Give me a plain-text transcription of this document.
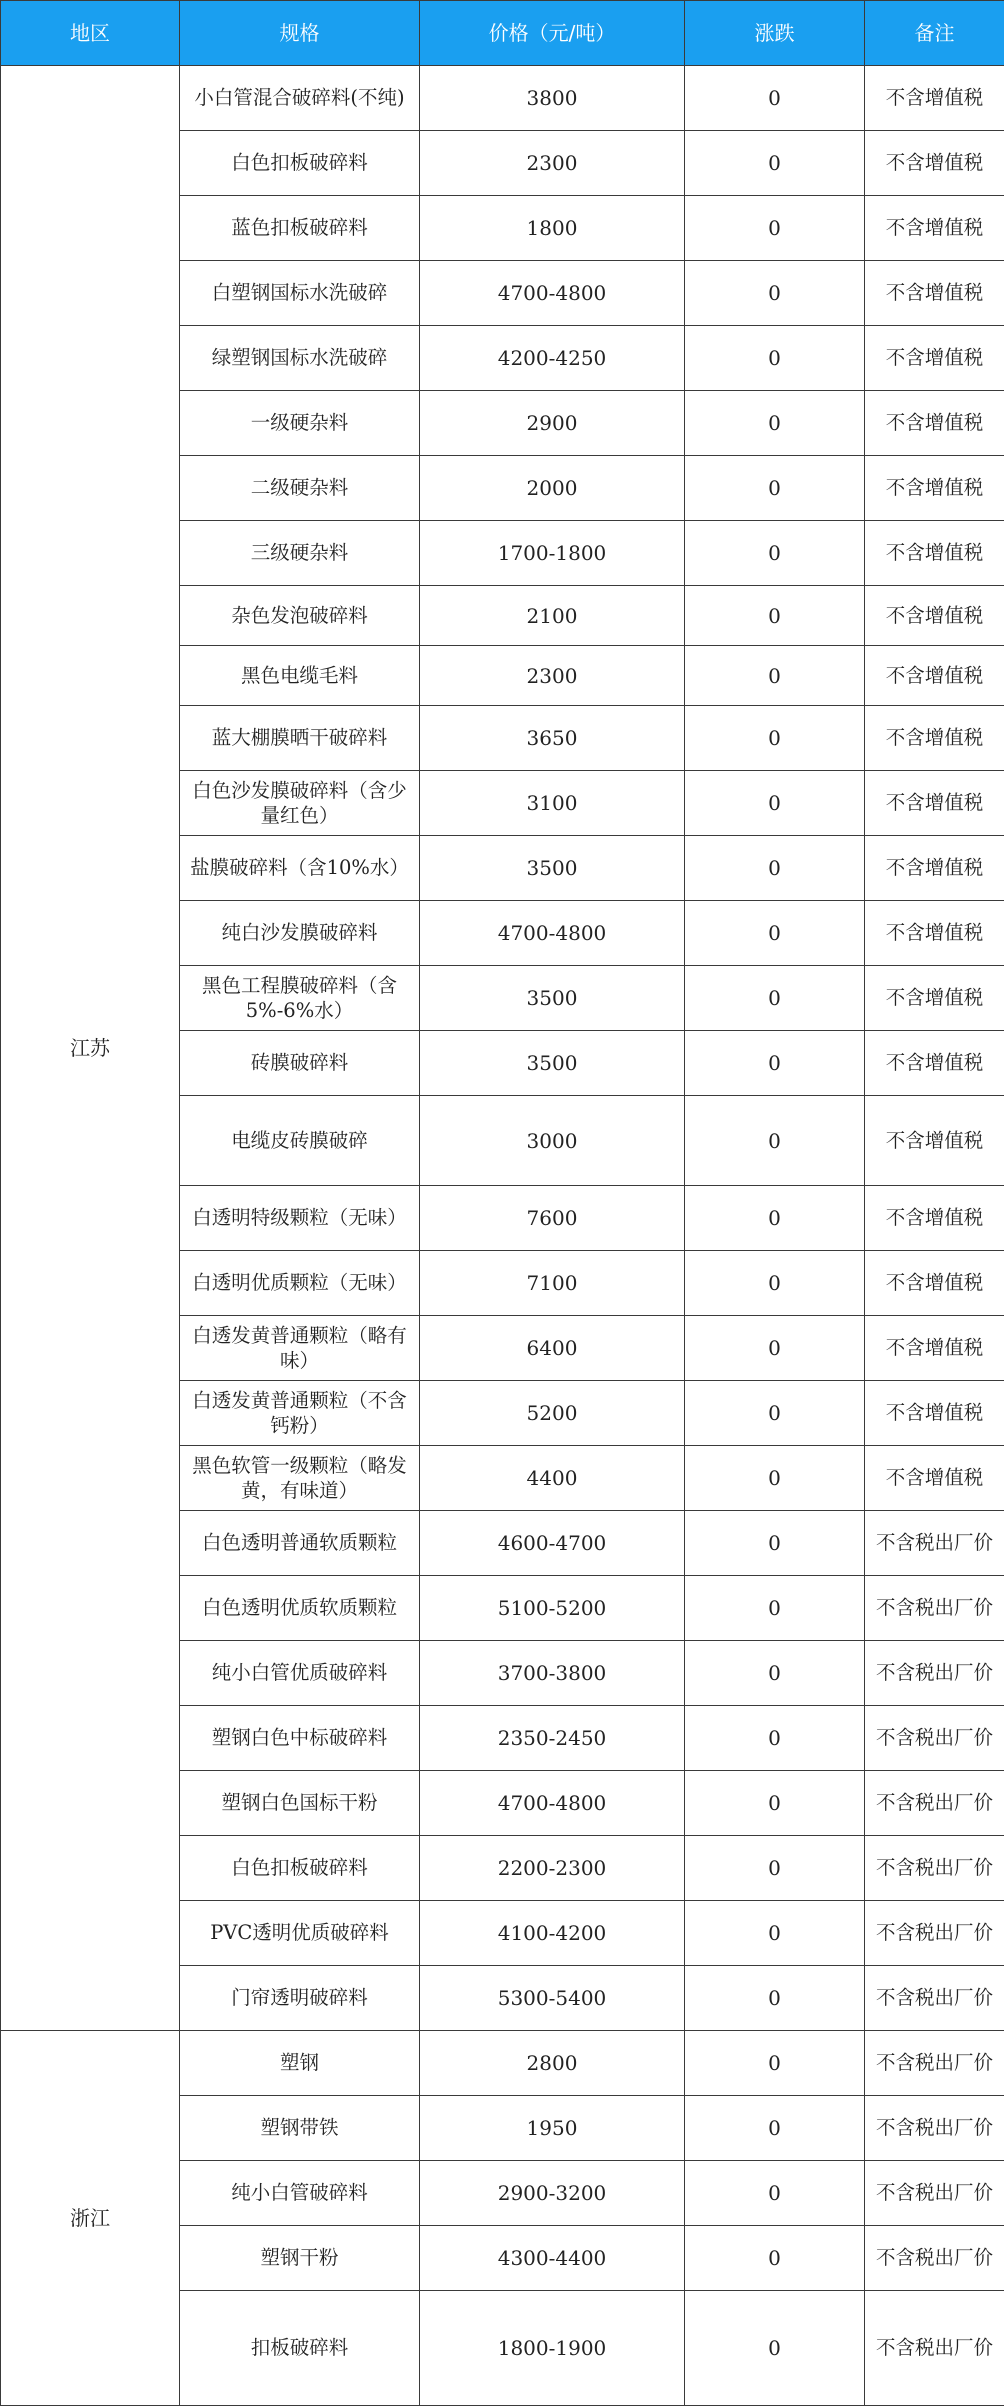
地区	规格	价格（元/吨）	涨跌	备注
江苏	小白管混合破碎料(不纯)	3800	0	不含增值税
	白色扣板破碎料	2300	0	不含增值税
	蓝色扣板破碎料	1800	0	不含增值税
	白塑钢国标水洗破碎	4700-4800	0	不含增值税
	绿塑钢国标水洗破碎	4200-4250	0	不含增值税
	一级硬杂料	2900	0	不含增值税
	二级硬杂料	2000	0	不含增值税
	三级硬杂料	1700-1800	0	不含增值税
	杂色发泡破碎料	2100	0	不含增值税
	黑色电缆毛料	2300	0	不含增值税
	蓝大棚膜晒干破碎料	3650	0	不含增值税
	白色沙发膜破碎料（含少量红色）	3100	0	不含增值税
	盐膜破碎料（含10%水）	3500	0	不含增值税
	纯白沙发膜破碎料	4700-4800	0	不含增值税
	黑色工程膜破碎料（含5%-6%水）	3500	0	不含增值税
	砖膜破碎料	3500	0	不含增值税
	电缆皮砖膜破碎	3000	0	不含增值税
	白透明特级颗粒（无味）	7600	0	不含增值税
	白透明优质颗粒（无味）	7100	0	不含增值税
	白透发黄普通颗粒（略有味）	6400	0	不含增值税
	白透发黄普通颗粒（不含钙粉）	5200	0	不含增值税
	黑色软管一级颗粒（略发黄，有味道）	4400	0	不含增值税
	白色透明普通软质颗粒	4600-4700	0	不含税出厂价
	白色透明优质软质颗粒	5100-5200	0	不含税出厂价
	纯小白管优质破碎料	3700-3800	0	不含税出厂价
	塑钢白色中标破碎料	2350-2450	0	不含税出厂价
	塑钢白色国标干粉	4700-4800	0	不含税出厂价
	白色扣板破碎料	2200-2300	0	不含税出厂价
	PVC透明优质破碎料	4100-4200	0	不含税出厂价
	门帘透明破碎料	5300-5400	0	不含税出厂价
浙江	塑钢	2800	0	不含税出厂价
	塑钢带铁	1950	0	不含税出厂价
	纯小白管破碎料	2900-3200	0	不含税出厂价
	塑钢干粉	4300-4400	0	不含税出厂价
	扣板破碎料	1800-1900	0	不含税出厂价
